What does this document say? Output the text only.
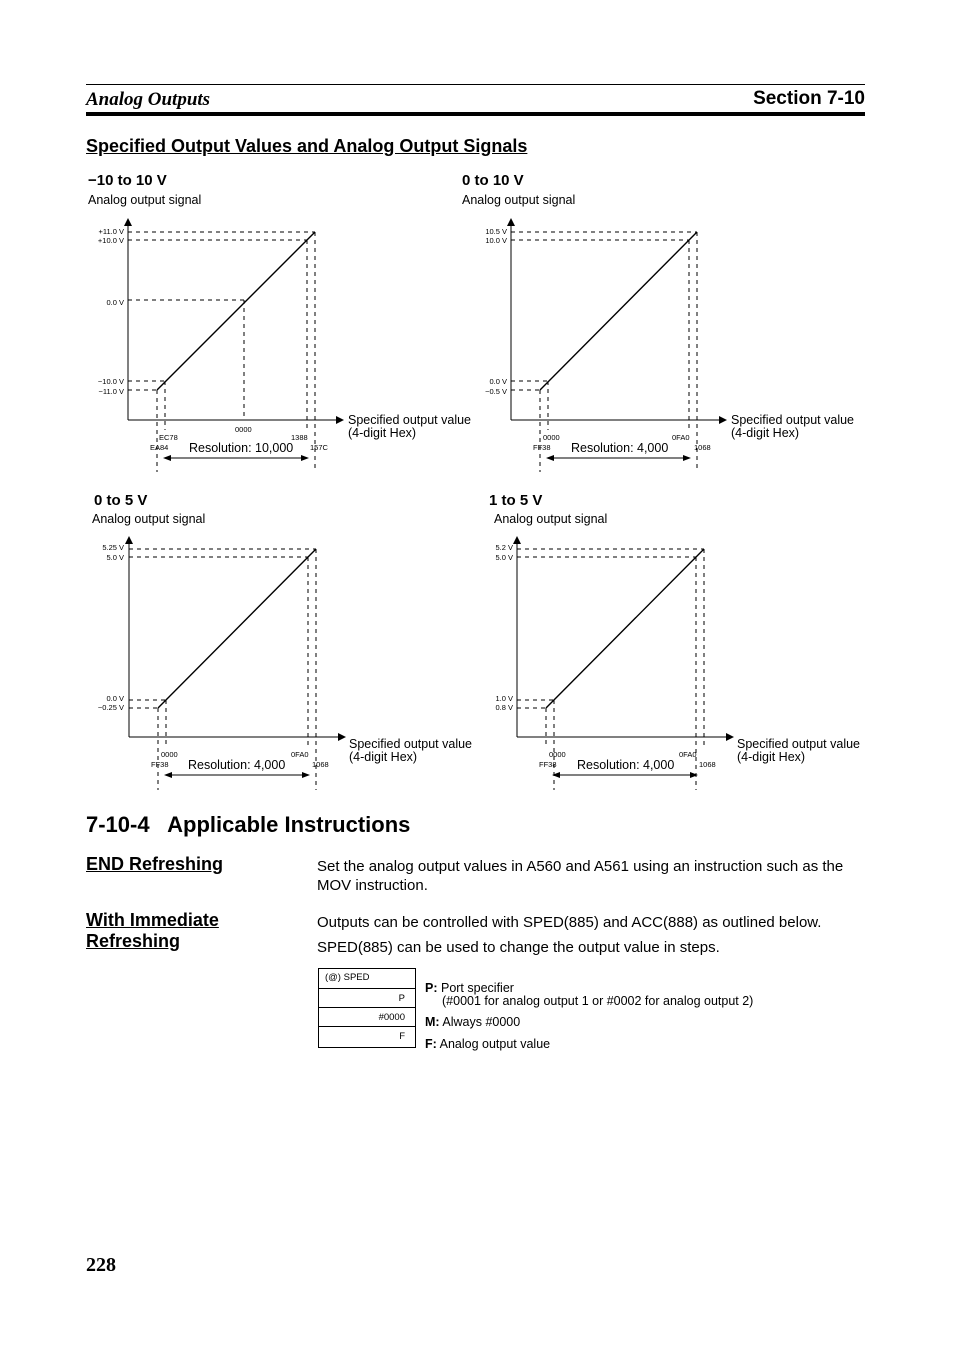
Analog Outputs	Section 7-10
Specified Output Values and Analog Output Signals
−10 to 10 V
Analog output signal
+11.0 V
+10.0 V
0.0 V
−10.0 V
−11.0 V
EC78
EA84
0000
1388
157C
Resolution: 10,000
Specified output value
(4-digit Hex)
0 to 10 V
Analog output signal
10.5 V
10.0 V
0.0 V
−0.5 V
0000
FF38
0FA0
1068
Resolution: 4,000
Specified output value
(4-digit Hex)
0 to 5 V
Analog output signal
5.25 V
5.0 V
0.0 V
−0.25 V
0000
FF38
0FA0
1068
Resolution: 4,000
Specified output value
(4-digit Hex)
1 to 5 V
Analog output signal
5.2 V
5.0 V
1.0 V
0.8 V
0000
FF38
0FA0
1068
Resolution: 4,000
Specified output value
(4-digit Hex)
7-10-4   Applicable Instructions
END Refreshing	Set the analog output values in A560 and A561 using an instruction such as the MOV instruction.
With Immediate
Refreshing
Outputs can be controlled with SPED(885) and ACC(888) as outlined below.
SPED(885) can be used to change the output value in steps.
(@) SPED
P
#0000
F
P: Port specifier
(#0001 for analog output 1 or #0002 for analog output 2)
M: Always #0000
F: Analog output value
228
